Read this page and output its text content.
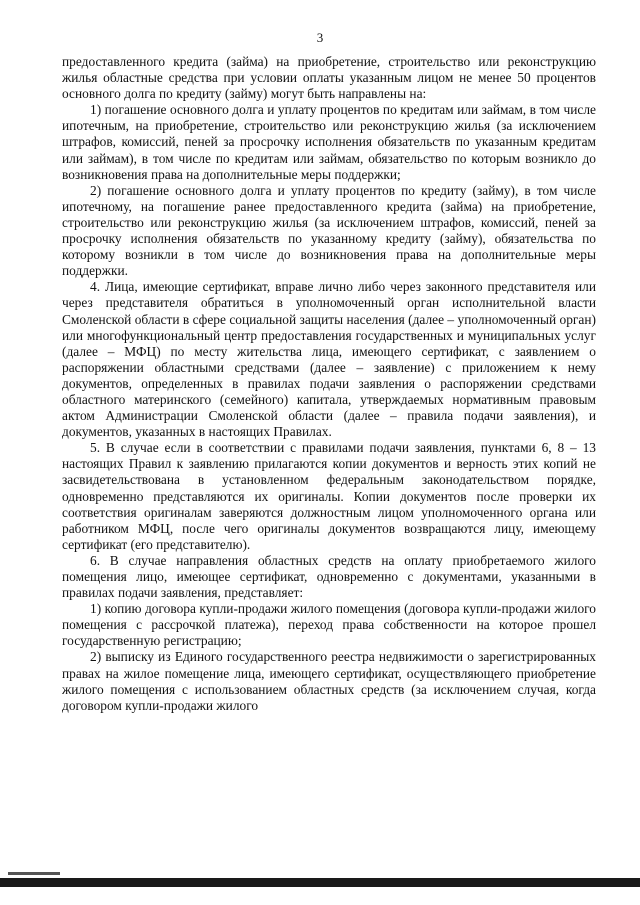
3

предоставленного кредита (займа) на приобретение, строительство или реконструкцию жилья областные средства при условии оплаты указанным лицом не менее 50 процентов основного долга по кредиту (займу) могут быть направлены на:

1) погашение основного долга и уплату процентов по кредитам или займам, в том числе ипотечным, на приобретение, строительство или реконструкцию жилья (за исключением штрафов, комиссий, пеней за просрочку исполнения обязательств по указанным кредитам или займам), в том числе по кредитам или займам, обязательство по которым возникло до возникновения права на дополнительные меры поддержки;

2) погашение основного долга и уплату процентов по кредиту (займу), в том числе ипотечному, на погашение ранее предоставленного кредита (займа) на приобретение, строительство или реконструкцию жилья (за исключением штрафов, комиссий, пеней за просрочку исполнения обязательств по указанному кредиту (займу), обязательства по которому возникли в том числе до возникновения права на дополнительные меры поддержки.

4. Лица, имеющие сертификат, вправе лично либо через законного представителя или через представителя обратиться в уполномоченный орган исполнительной власти Смоленской области в сфере социальной защиты населения (далее – уполномоченный орган) или многофункциональный центр предоставления государственных и муниципальных услуг (далее – МФЦ) по месту жительства лица, имеющего сертификат, с заявлением о распоряжении областными средствами (далее – заявление) с приложением к нему документов, определенных в правилах подачи заявления о распоряжении средствами областного материнского (семейного) капитала, утверждаемых нормативным правовым актом Администрации Смоленской области (далее – правила подачи заявления), и документов, указанных в настоящих Правилах.

5. В случае если в соответствии с правилами подачи заявления, пунктами 6, 8 – 13 настоящих Правил к заявлению прилагаются копии документов и верность этих копий не засвидетельствована в установленном федеральным законодательством порядке, одновременно представляются их оригиналы. Копии документов после проверки их соответствия оригиналам заверяются должностным лицом уполномоченного органа или работником МФЦ, после чего оригиналы документов возвращаются лицу, имеющему сертификат (его представителю).

6. В случае направления областных средств на оплату приобретаемого жилого помещения лицо, имеющее сертификат, одновременно с документами, указанными в правилах подачи заявления, представляет:

1) копию договора купли-продажи жилого помещения (договора купли-продажи жилого помещения с рассрочкой платежа), переход права собственности на которое прошел государственную регистрацию;

2) выписку из Единого государственного реестра недвижимости о зарегистрированных правах на жилое помещение лица, имеющего сертификат, осуществляющего приобретение жилого помещения с использованием областных средств (за исключением случая, когда договором купли-продажи жилого
